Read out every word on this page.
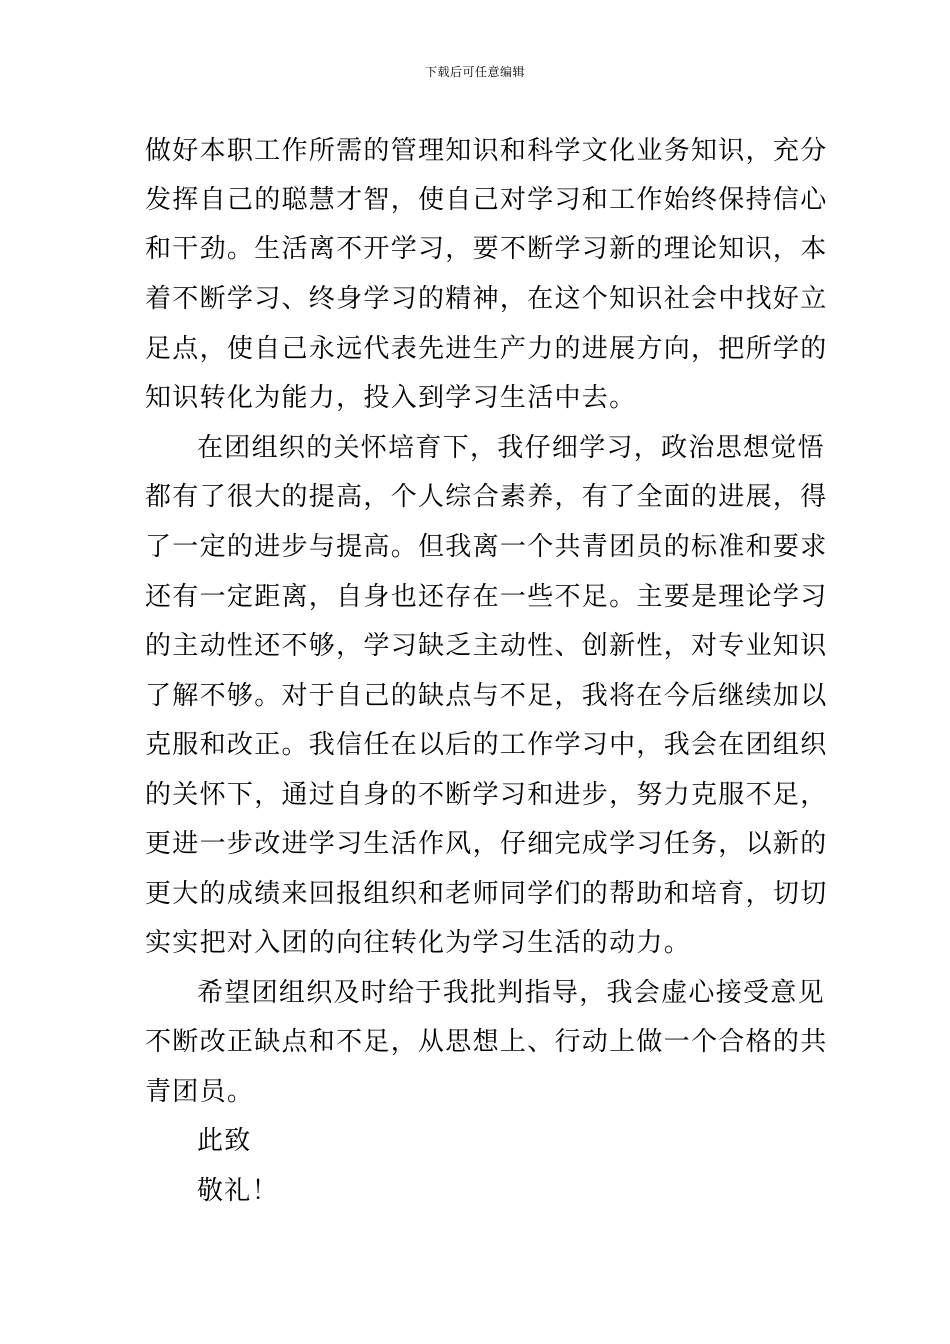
下载后可任意编辑
做好本职工作所需的管理知识和科学文化业务知识，充分
发挥自己的聪慧才智，使自己对学习和工作始终保持信心
和干劲。生活离不开学习，要不断学习新的理论知识，本
着不断学习、终身学习的精神，在这个知识社会中找好立
足点，使自己永远代表先进生产力的进展方向，把所学的
知识转化为能力，投入到学习生活中去。
在团组织的关怀培育下，我仔细学习，政治思想觉悟
都有了很大的提高，个人综合素养，有了全面的进展，得
了一定的进步与提高。但我离一个共青团员的标准和要求
还有一定距离，自身也还存在一些不足。主要是理论学习
的主动性还不够，学习缺乏主动性、创新性，对专业知识
了解不够。对于自己的缺点与不足，我将在今后继续加以
克服和改正。我信任在以后的工作学习中，我会在团组织
的关怀下，通过自身的不断学习和进步，努力克服不足，
更进一步改进学习生活作风，仔细完成学习任务，以新的
更大的成绩来回报组织和老师同学们的帮助和培育，切切
实实把对入团的向往转化为学习生活的动力。
希望团组织及时给于我批判指导，我会虚心接受意见
不断改正缺点和不足，从思想上、行动上做一个合格的共
青团员。
此致
敬礼！
